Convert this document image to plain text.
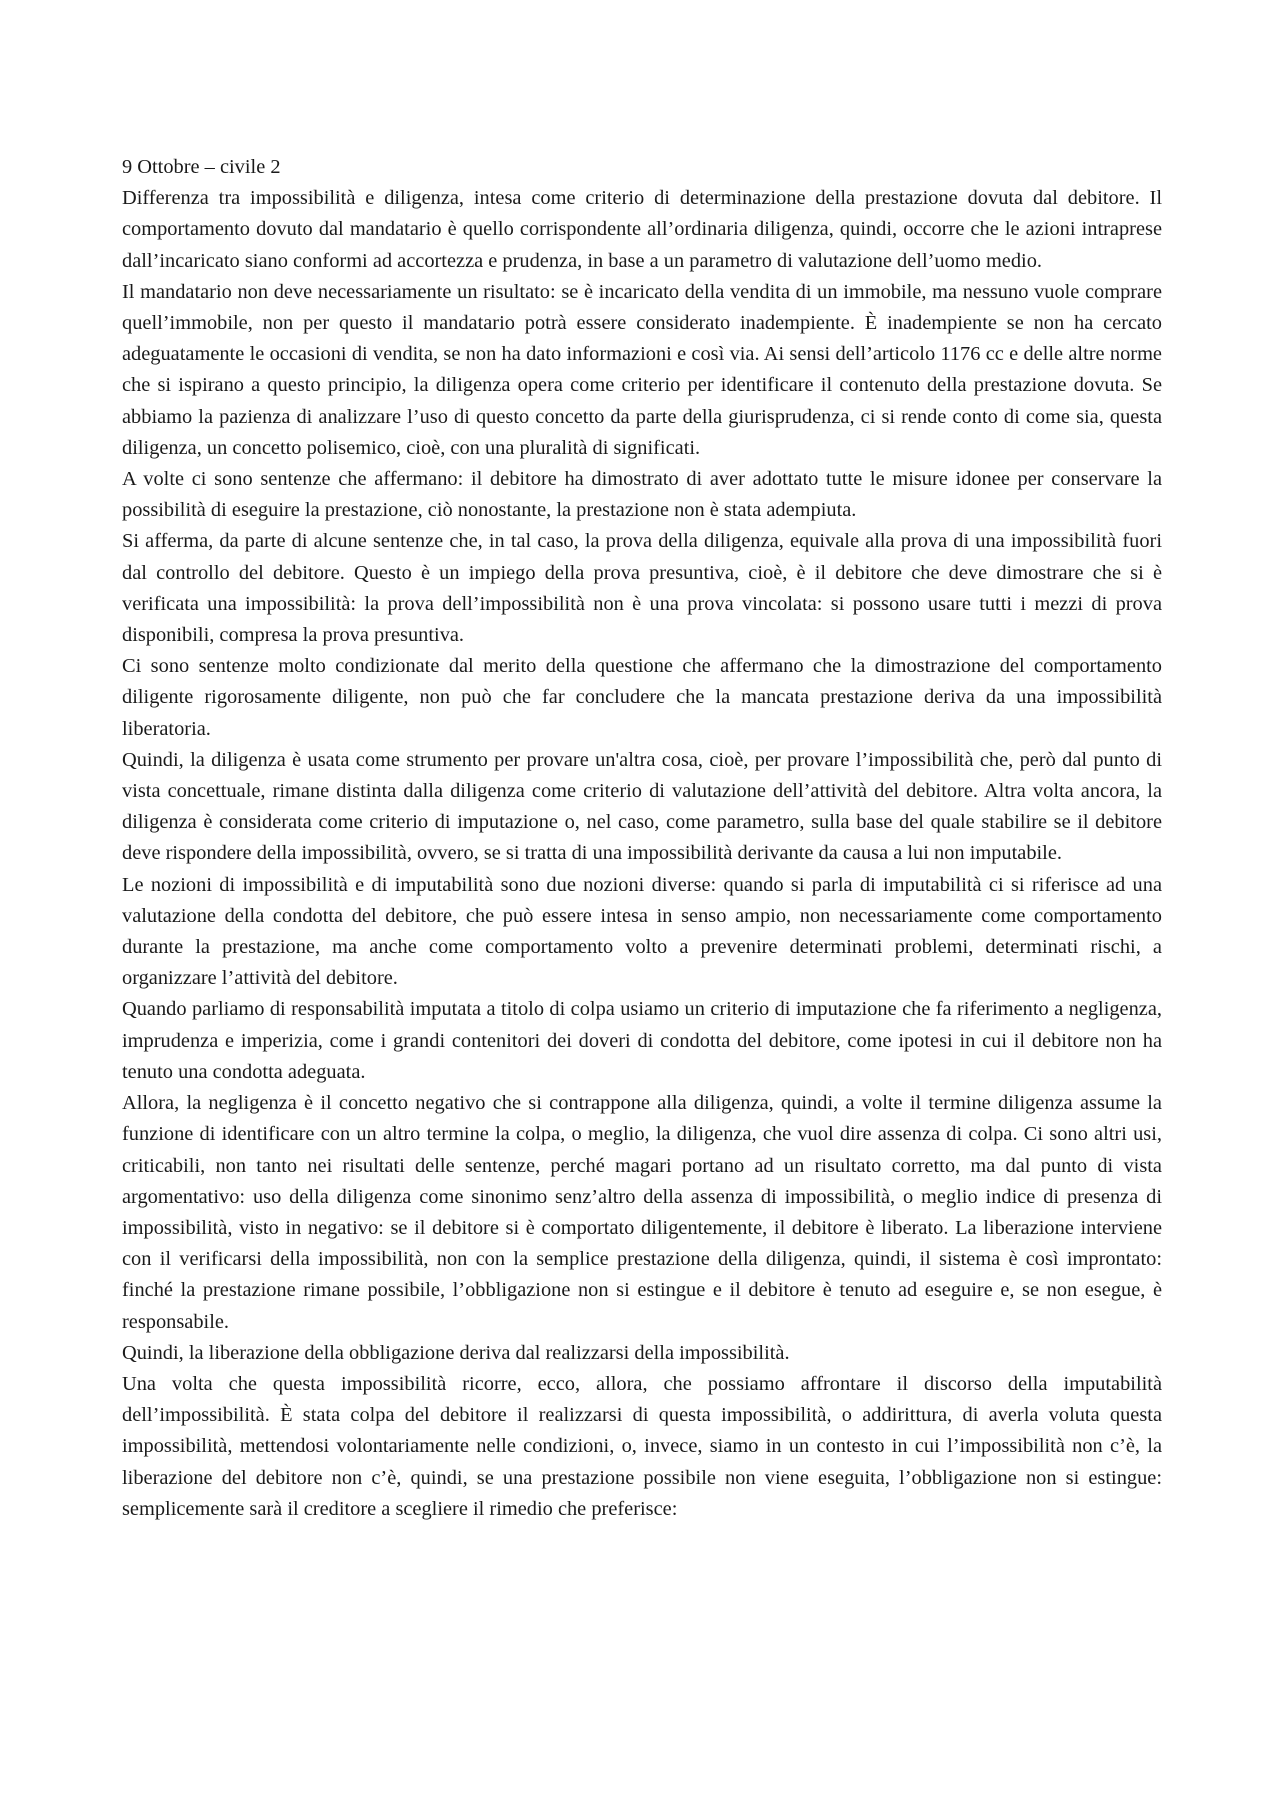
9 Ottobre – civile 2

Differenza tra impossibilità e diligenza, intesa come criterio di determinazione della prestazione dovuta dal debitore. Il comportamento dovuto dal mandatario è quello corrispondente all’ordinaria diligenza, quindi, occorre che le azioni intraprese dall’incaricato siano conformi ad accortezza e prudenza, in base a un parametro di valutazione dell’uomo medio.

Il mandatario non deve necessariamente un risultato: se è incaricato della vendita di un immobile, ma nessuno vuole comprare quell’immobile, non per questo il mandatario potrà essere considerato inadempiente. È inadempiente se non ha cercato adeguatamente le occasioni di vendita, se non ha dato informazioni e così via. Ai sensi dell’articolo 1176 cc e delle altre norme che si ispirano a questo principio, la diligenza opera come criterio per identificare il contenuto della prestazione dovuta. Se abbiamo la pazienza di analizzare l’uso di questo concetto da parte della giurisprudenza, ci si rende conto di come sia, questa diligenza, un concetto polisemico, cioè, con una pluralità di significati.

A volte ci sono sentenze che affermano: il debitore ha dimostrato di aver adottato tutte le misure idonee per conservare la possibilità di eseguire la prestazione, ciò nonostante, la prestazione non è stata adempiuta.

Si afferma, da parte di alcune sentenze che, in tal caso, la prova della diligenza, equivale alla prova di una impossibilità fuori dal controllo del debitore. Questo è un impiego della prova presuntiva, cioè, è il debitore che deve dimostrare che si è verificata una impossibilità: la prova dell’impossibilità non è una prova vincolata: si possono usare tutti i mezzi di prova disponibili, compresa la prova presuntiva.

Ci sono sentenze molto condizionate dal merito della questione che affermano che la dimostrazione del comportamento diligente rigorosamente diligente, non può che far concludere che la mancata prestazione deriva da una impossibilità liberatoria.

Quindi, la diligenza è usata come strumento per provare un'altra cosa, cioè, per provare l’impossibilità che, però dal punto di vista concettuale, rimane distinta dalla diligenza come criterio di valutazione dell’attività del debitore. Altra volta ancora, la diligenza è considerata come criterio di imputazione o, nel caso, come parametro, sulla base del quale stabilire se il debitore deve rispondere della impossibilità, ovvero, se si tratta di una impossibilità derivante da causa a lui non imputabile.

Le nozioni di impossibilità e di imputabilità sono due nozioni diverse: quando si parla di imputabilità ci si riferisce ad una valutazione della condotta del debitore, che può essere intesa in senso ampio, non necessariamente come comportamento durante la prestazione, ma anche come comportamento volto a prevenire determinati problemi, determinati rischi, a organizzare l’attività del debitore.

Quando parliamo di responsabilità imputata a titolo di colpa usiamo un criterio di imputazione che fa riferimento a negligenza, imprudenza e imperizia, come i grandi contenitori dei doveri di condotta del debitore, come ipotesi in cui il debitore non ha tenuto una condotta adeguata.

Allora, la negligenza è il concetto negativo che si contrappone alla diligenza, quindi, a volte il termine diligenza assume la funzione di identificare con un altro termine la colpa, o meglio, la diligenza, che vuol dire assenza di colpa. Ci sono altri usi, criticabili, non tanto nei risultati delle sentenze, perché magari portano ad un risultato corretto, ma dal punto di vista argomentativo: uso della diligenza come sinonimo senz’altro della assenza di impossibilità, o meglio indice di presenza di impossibilità, visto in negativo: se il debitore si è comportato diligentemente, il debitore è liberato. La liberazione interviene con il verificarsi della impossibilità, non con la semplice prestazione della diligenza, quindi, il sistema è così improntato: finché la prestazione rimane possibile, l’obbligazione non si estingue e il debitore è tenuto ad eseguire e, se non esegue, è responsabile.

Quindi, la liberazione della obbligazione deriva dal realizzarsi della impossibilità.

Una volta che questa impossibilità ricorre, ecco, allora, che possiamo affrontare il discorso della imputabilità dell’impossibilità. È stata colpa del debitore il realizzarsi di questa impossibilità, o addirittura, di averla voluta questa impossibilità, mettendosi volontariamente nelle condizioni, o, invece, siamo in un contesto in cui l’impossibilità non c’è, la liberazione del debitore non c’è, quindi, se una prestazione possibile non viene eseguita, l’obbligazione non si estingue: semplicemente sarà il creditore a scegliere il rimedio che preferisce:
